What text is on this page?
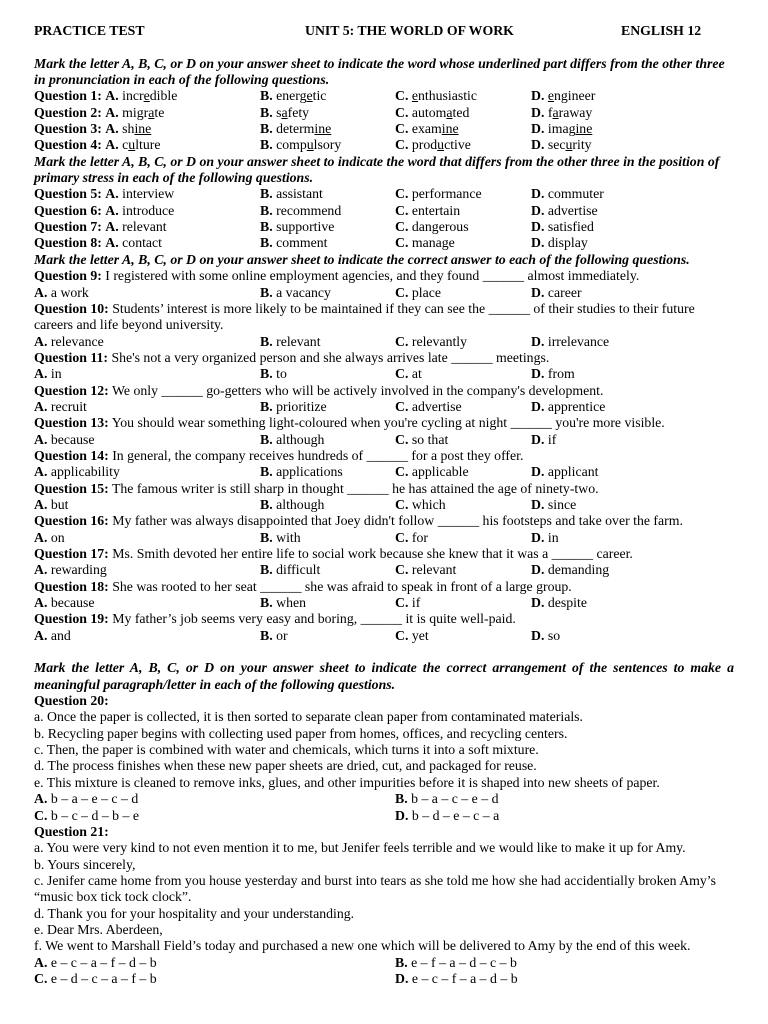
PRACTICE TEST	UNIT 5: THE WORLD OF WORK	ENGLISH 12
Mark the letter A, B, C, or D on your answer sheet to indicate the word whose underlined part differs from the other three in pronunciation in each of the following questions.
Question 1: A. incredible	B. energetic	C. enthusiastic	D. engineer
Question 2: A. migrate	B. safety	C. automated	D. faraway
Question 3: A. shine	B. determine	C. examine	D. imagine
Question 4: A. culture	B. compulsory	C. productive	D. security
Mark the letter A, B, C, or D on your answer sheet to indicate the word that differs from the other three in the position of primary stress in each of the following questions.
Question 5: A. interview	B. assistant	C. performance	D. commuter
Question 6: A. introduce	B. recommend	C. entertain	D. advertise
Question 7: A. relevant	B. supportive	C. dangerous	D. satisfied
Question 8: A. contact	B. comment	C. manage	D. display
Mark the letter A, B, C, or D on your answer sheet to indicate the correct answer to each of the following questions.
Question 9: I registered with some online employment agencies, and they found ______ almost immediately.
A. a work	B. a vacancy	C. place	D. career
Question 10: Students’ interest is more likely to be maintained if they can see the ______ of their studies to their future careers and life beyond university.
A. relevance	B. relevant	C. relevantly	D. irrelevance
Question 11: She's not a very organized person and she always arrives late ______ meetings.
A. in	B. to	C. at	D. from
Question 12: We only ______ go-getters who will be actively involved in the company's development.
A. recruit	B. prioritize	C. advertise	D. apprentice
Question 13: You should wear something light-coloured when you're cycling at night ______ you're more visible.
A. because	B. although	C. so that	D. if
Question 14: In general, the company receives hundreds of ______ for a post they offer.
A. applicability	B. applications	C. applicable	D. applicant
Question 15: The famous writer is still sharp in thought ______ he has attained the age of ninety-two.
A. but	B. although	C. which	D. since
Question 16: My father was always disappointed that Joey didn't follow ______ his footsteps and take over the farm.
A. on	B. with	C. for	D. in
Question 17: Ms. Smith devoted her entire life to social work because she knew that it was a ______ career.
A. rewarding	B. difficult	C. relevant	D. demanding
Question 18: She was rooted to her seat ______ she was afraid to speak in front of a large group.
A. because	B. when	C. if	D. despite
Question 19: My father’s job seems very easy and boring, ______ it is quite well-paid.
A. and	B. or	C. yet	D. so
Mark the letter A, B, C, or D on your answer sheet to indicate the correct arrangement of the sentences to make a meaningful paragraph/letter in each of the following questions.
Question 20:
a. Once the paper is collected, it is then sorted to separate clean paper from contaminated materials.
b. Recycling paper begins with collecting used paper from homes, offices, and recycling centers.
c. Then, the paper is combined with water and chemicals, which turns it into a soft mixture.
d. The process finishes when these new paper sheets are dried, cut, and packaged for reuse.
e. This mixture is cleaned to remove inks, glues, and other impurities before it is shaped into new sheets of paper.
A. b – a – e – c – d	B. b – a – c – e – d
C. b – c – d – b – e	D. b – d – e – c – a
Question 21:
a. You were very kind to not even mention it to me, but Jenifer feels terrible and we would like to make it up for Amy.
b. Yours sincerely,
c. Jenifer came home from you house yesterday and burst into tears as she told me how she had accidentially broken Amy’s “music box tick tock clock”.
d. Thank you for your hospitality and your understanding.
e. Dear Mrs. Aberdeen,
f. We went to Marshall Field’s today and purchased a new one which will be delivered to Amy by the end of this week.
A. e – c – a – f – d – b	B. e – f – a – d – c – b
C. e – d – c – a – f – b	D. e – c – f – a – d – b
